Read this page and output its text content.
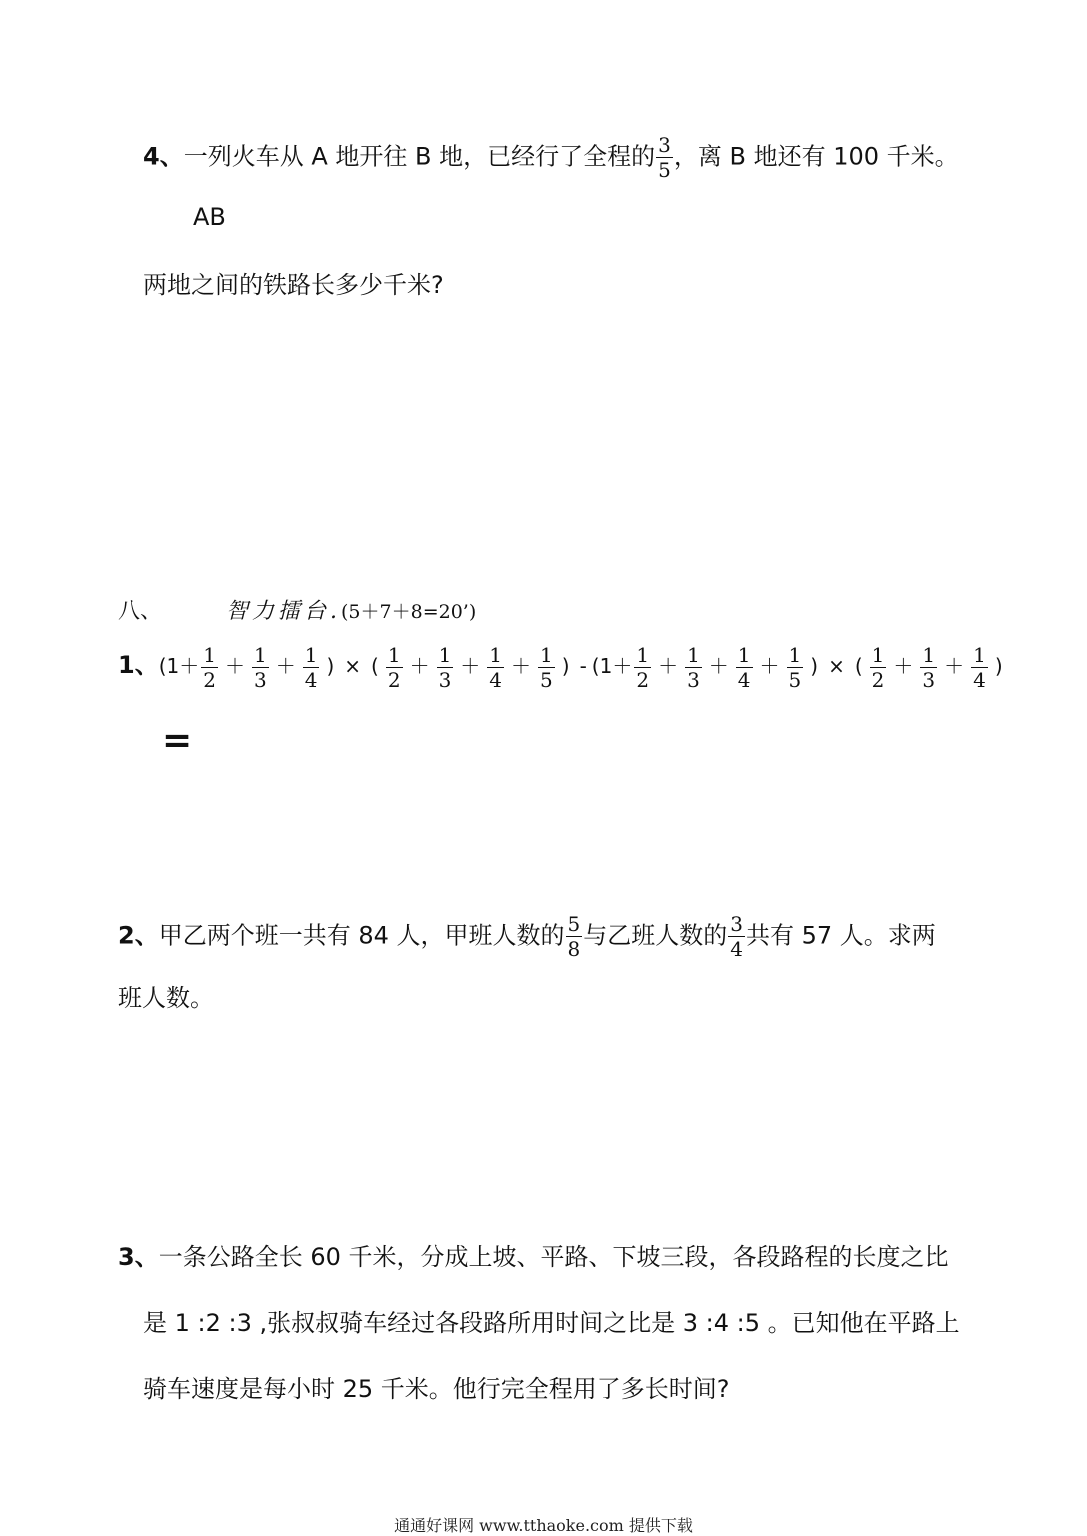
4、一列火车从 A 地开往 B 地，已经行了全程的 $\frac{3}{5}$ ，离 B 地还有 100 千米。
AB
两地之间的铁路长多少千米?
八、	智力擂台.(5＋7＋8=20’)
1、($1+ \frac{1}{2} + \frac{1}{3} + \frac{1}{4}$ ) × ( $\frac{1}{2} + \frac{1}{3} + \frac{1}{4} + \frac{1}{5}$ ) - ($1+ \frac{1}{2} + \frac{1}{3} + \frac{1}{4} + \frac{1}{5}$ ) × ( $\frac{1}{2} + \frac{1}{3} + \frac{1}{4}$ )
=
2、甲乙两个班一共有 84 人，甲班人数的 $\frac{5}{8}$ 与乙班人数的 $\frac{3}{4}$ 共有 57 人。求两
班人数。
3、一条公路全长 60 千米，分成上坡、平路、下坡三段，各段路程的长度之比
是 1 :2 :3 ,张叔叔骑车经过各段路所用时间之比是 3 :4 :5 。已知他在平路上
骑车速度是每小时 25 千米。他行完全程用了多长时间?
通通好课网 www.tthaoke.com 提供下载
